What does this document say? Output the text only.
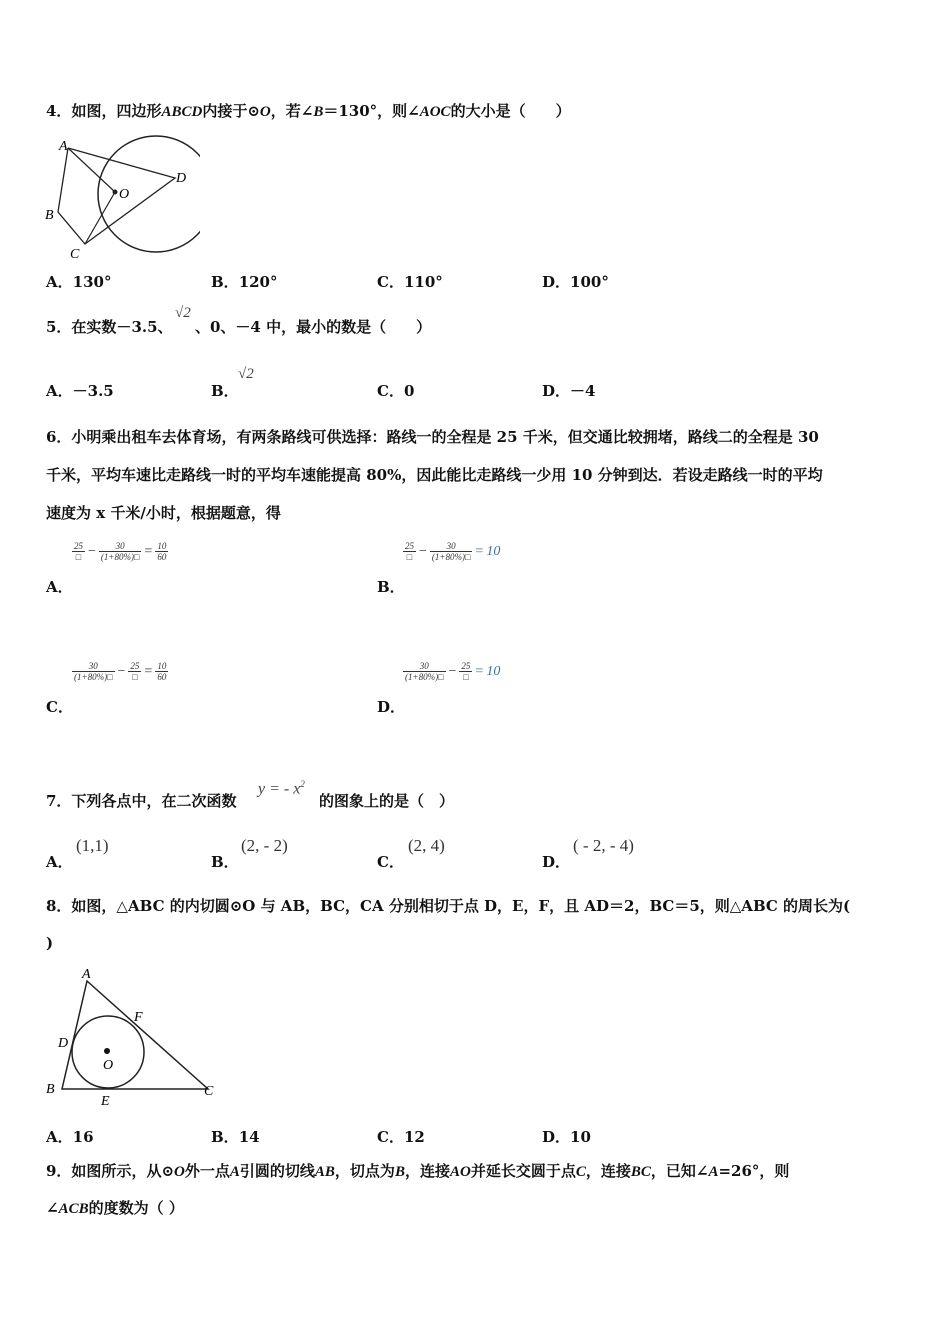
4．如图，四边形ABCD内接于⊙O，若∠B＝130°，则∠AOC的大小是（　　）
A
B
C
D
O
A．130°	B．120°	C．110°	D．100°
5．在实数－3.5、
√2
、0、－4 中，最小的数是（　　）
A．－3.5	B．
√2
C．0	D．－4
6．小明乘出租车去体育场，有两条路线可供选择：路线一的全程是 25 千米，但交通比较拥堵，路线二的全程是 30
千米，平均车速比走路线一时的平均车速能提高 80%，因此能比走路线一少用 10 分钟到达．若设走路线一时的平均
速度为 x 千米/小时，根据题意，得
$\frac{25}{□} - \frac{30}{(1+80\%)□} = \frac{10}{60}$
A．
$\frac{25}{□} - \frac{30}{(1+80\%)□} = 10$
B．
$\frac{30}{(1+80\%)□} - \frac{25}{□} = \frac{10}{60}$
C．
$\frac{30}{(1+80\%)□} - \frac{25}{□} = 10$
D．
7．下列各点中，在二次函数
y = - $x^2$
的图象上的是（　）
A．
(1,1)
B．
(2, - 2)
C．
(2, 4)
D．
( - 2, - 4)
8．如图，△ABC 的内切圆⊙O 与 AB，BC，CA 分别相切于点 D，E，F，且 AD＝2，BC＝5，则△ABC 的周长为(
)
A
F
D
O
B
E
C
A．16	B．14	C．12	D．10
9．如图所示，从⊙O外一点A引圆的切线AB，切点为B，连接AO并延长交圆于点C，连接BC，已知∠A=26°，则
∠ACB的度数为（ ）
